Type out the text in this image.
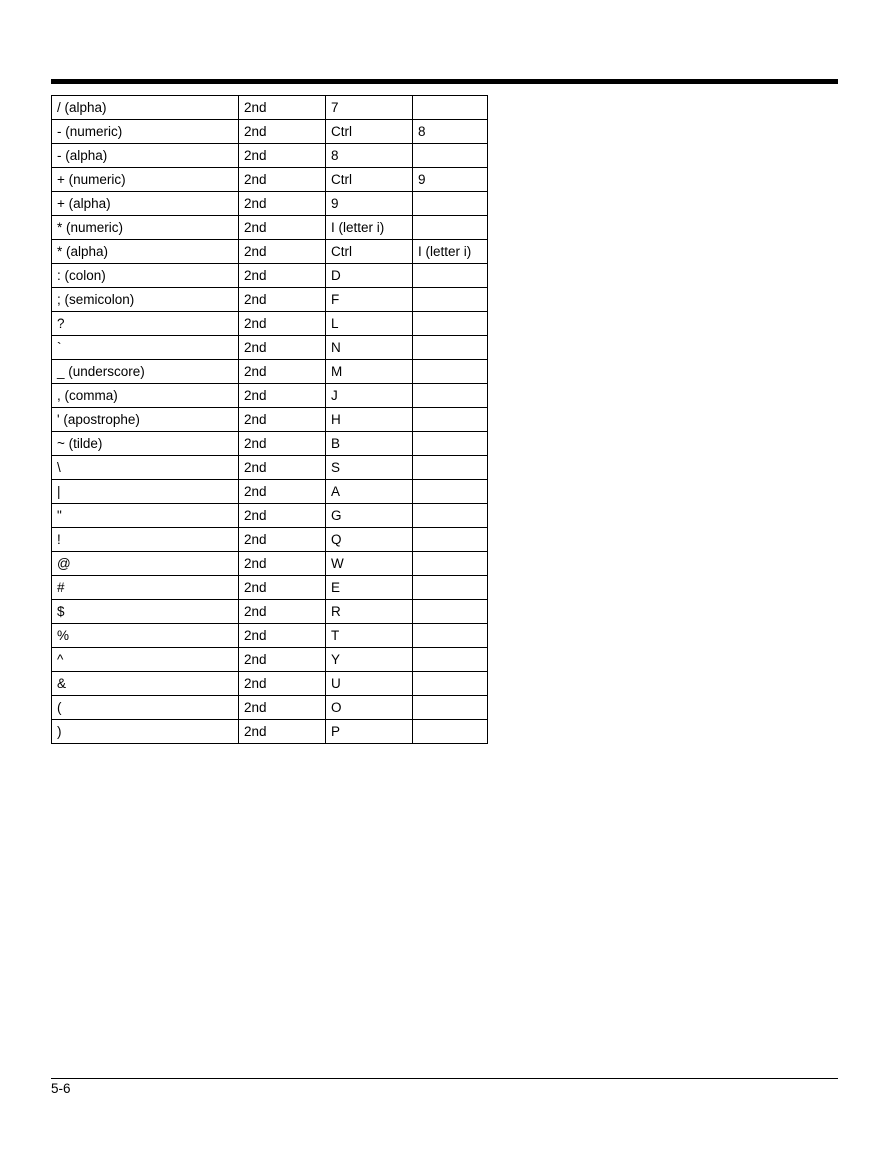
/ (alpha)	2nd	7	
- (numeric)	2nd	Ctrl	8
- (alpha)	2nd	8	
+ (numeric)	2nd	Ctrl	9
+ (alpha)	2nd	9	
* (numeric)	2nd	I (letter i)	
* (alpha)	2nd	Ctrl	I (letter i)
: (colon)	2nd	D	
; (semicolon)	2nd	F	
?	2nd	L	
`	2nd	N	
_ (underscore)	2nd	M	
, (comma)	2nd	J	
' (apostrophe)	2nd	H	
~ (tilde)	2nd	B	
\	2nd	S	
|	2nd	A	
"	2nd	G	
!	2nd	Q	
@	2nd	W	
#	2nd	E	
$	2nd	R	
%	2nd	T	
^	2nd	Y	
&	2nd	U	
(	2nd	O	
)	2nd	P	
5-6
